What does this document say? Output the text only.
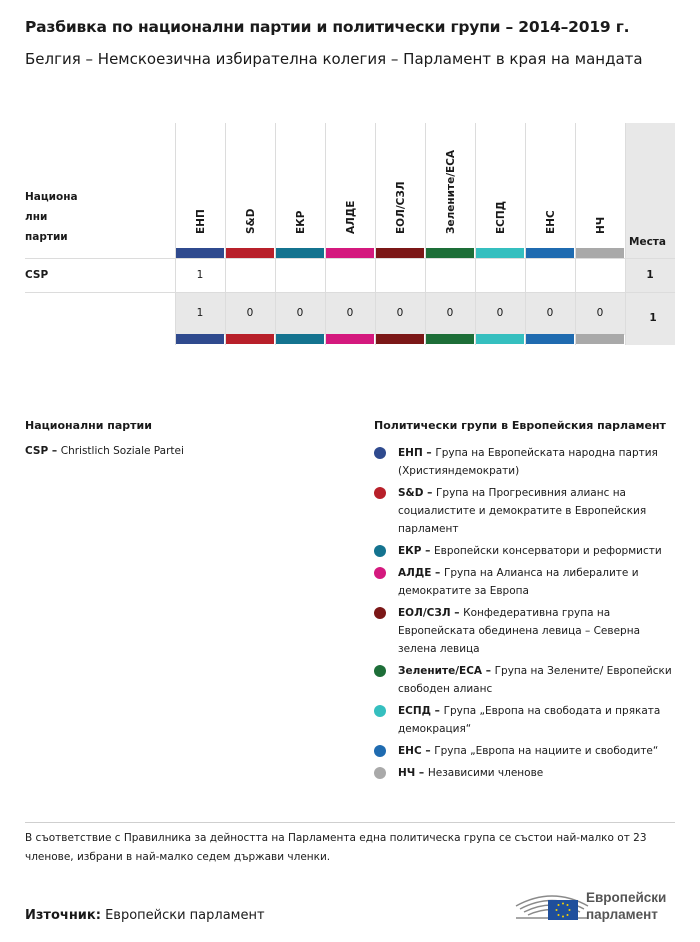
Разбивка по национални партии и политически групи – 2014–2019 г.
Белгия – Немскоезична избирателна колегия – Парламент в края на мандата
Национа
лни
партии	Места
ЕНП
1
1
S&D
0
ЕКР
0
АЛДЕ
0
ЕОЛ/СЗЛ
0
Зелените/ЕСА
0
ЕСПД
0
ЕНС
0
НЧ
0
CSP	1
1
Национални партии
CSP – Christlich Soziale Partei
Политически групи в Европейския парламент
ЕНП – Група на Европейската народна партия (Християндемократи)
S&D – Група на Прогресивния алианс на социалистите и демократите в Европейския парламент
ЕКР – Европейски консерватори и реформисти
АЛДЕ – Група на Алианса на либералите и демократите за Европа
ЕОЛ/СЗЛ – Конфедеративна група на Европейската обединена левица – Северна зелена левица
Зелените/ЕСА – Група на Зелените/ Европейски свободен алианс
ЕСПД – Група „Европа на свободата и пряката демокрация“
ЕНС – Група „Европа на нациите и свободите“
НЧ – Независими членове
В съответствие с Правилника за дейността на Парламента една политическа група се състои най-малко от 23 членове, избрани в най-малко седем държави членки.
Източник: Европейски парламент
Европейски
парламент
